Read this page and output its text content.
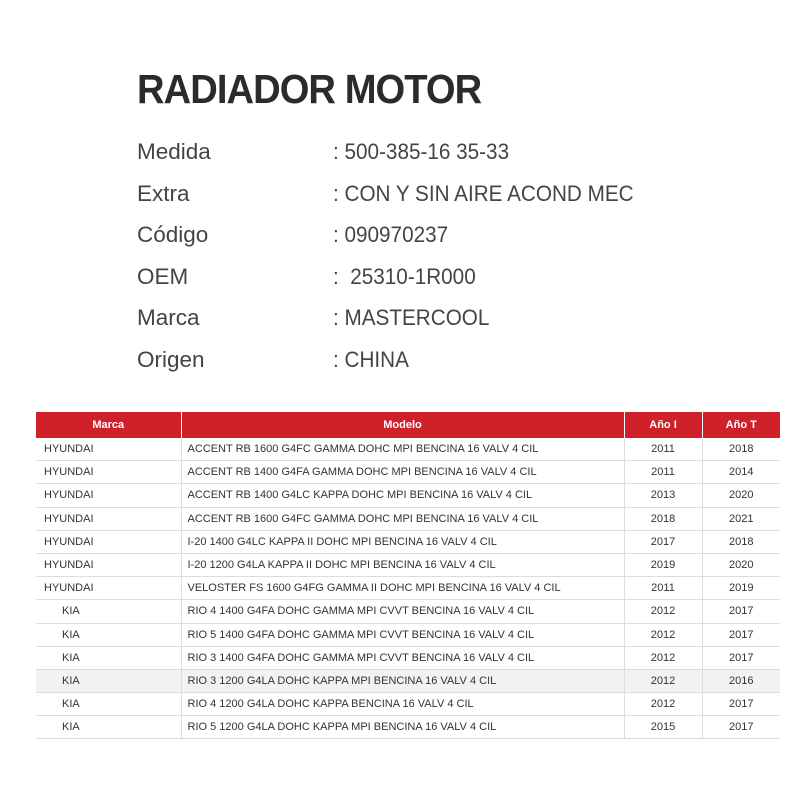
RADIADOR MOTOR
Medida	: 500-385-16 35-33
Extra	: CON Y SIN AIRE ACOND MEC
Código	: 090970237
OEM	:  25310-1R000
Marca	: MASTERCOOL
Origen	: CHINA
Marca	Modelo	Año I	Año T
HYUNDAI	ACCENT RB 1600 G4FC GAMMA DOHC MPI BENCINA 16 VALV 4 CIL	2011	2018
HYUNDAI	ACCENT RB 1400 G4FA GAMMA DOHC MPI BENCINA 16 VALV 4 CIL	2011	2014
HYUNDAI	ACCENT RB 1400 G4LC KAPPA DOHC MPI BENCINA 16 VALV 4 CIL	2013	2020
HYUNDAI	ACCENT RB 1600 G4FC GAMMA DOHC MPI BENCINA 16 VALV 4 CIL	2018	2021
HYUNDAI	I-20 1400 G4LC KAPPA II DOHC MPI BENCINA 16 VALV 4 CIL	2017	2018
HYUNDAI	I-20 1200 G4LA KAPPA II DOHC MPI BENCINA 16 VALV 4 CIL	2019	2020
HYUNDAI	VELOSTER FS 1600 G4FG GAMMA II DOHC MPI BENCINA 16 VALV 4 CIL	2011	2019
KIA	RIO 4 1400 G4FA DOHC GAMMA MPI CVVT BENCINA 16 VALV 4 CIL	2012	2017
KIA	RIO 5 1400 G4FA DOHC GAMMA MPI CVVT BENCINA 16 VALV 4 CIL	2012	2017
KIA	RIO 3 1400 G4FA DOHC GAMMA MPI CVVT BENCINA 16 VALV 4 CIL	2012	2017
KIA	RIO 3 1200 G4LA DOHC KAPPA MPI BENCINA 16 VALV 4 CIL	2012	2016
KIA	RIO 4 1200 G4LA DOHC KAPPA BENCINA 16 VALV 4 CIL	2012	2017
KIA	RIO 5 1200 G4LA DOHC KAPPA MPI BENCINA 16 VALV 4 CIL	2015	2017
